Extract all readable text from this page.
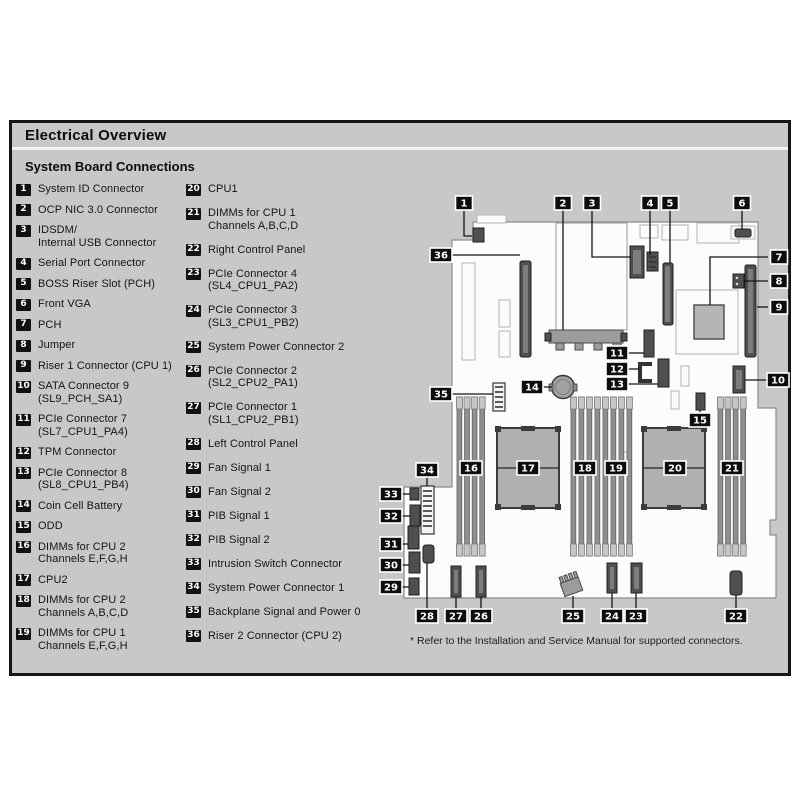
Electrical Overview
System Board Connections
1	System ID Connector
2	OCP NIC 3.0 Connector
3	IDSDM/
Internal USB Connector
4	Serial Port Connector
5	BOSS Riser Slot (PCH)
6	Front VGA
7	PCH
8	Jumper
9	Riser 1 Connector (CPU 1)
10 SATA Connector 9
(SL9_PCH_SA1)
11 PCIe Connector 7
(SL7_CPU1_PA4)
12 TPM Connector
13 PCIe Connector 8
(SL8_CPU1_PB4)
14 Coin Cell Battery
15 ODD
16 DIMMs for CPU 2
Channels E,F,G,H
17 CPU2
18 DIMMs for CPU 2
Channels A,B,C,D
19 DIMMs for CPU 1
Channels E,F,G,H
20 CPU1
21 DIMMs for CPU 1
Channels A,B,C,D
22 Right Control Panel
23 PCIe Connector 4
(SL4_CPU1_PA2)
24 PCIe Connector 3
(SL3_CPU1_PB2)
25 System Power Connector 2
26 PCIe Connector 2
(SL2_CPU2_PA1)
27 PCIe Connector 1
(SL1_CPU2_PB1)
28 Left Control Panel
29 Fan Signal 1
30 Fan Signal 2
31 PIB Signal 1
32 PIB Signal 2
33 Intrusion Switch Connector
34 System Power Connector 1
35 Backplane Signal and Power 0
36 Riser 2 Connector (CPU 2)
1	2 3	4 5	6
36	7
8
9
10
11
12
13
14
35
15
16	17	18 19	20	21
34
33
32
31
30
29
28 27 26	25	24 23	22
* Refer to the Installation and Service Manual for supported connectors.
